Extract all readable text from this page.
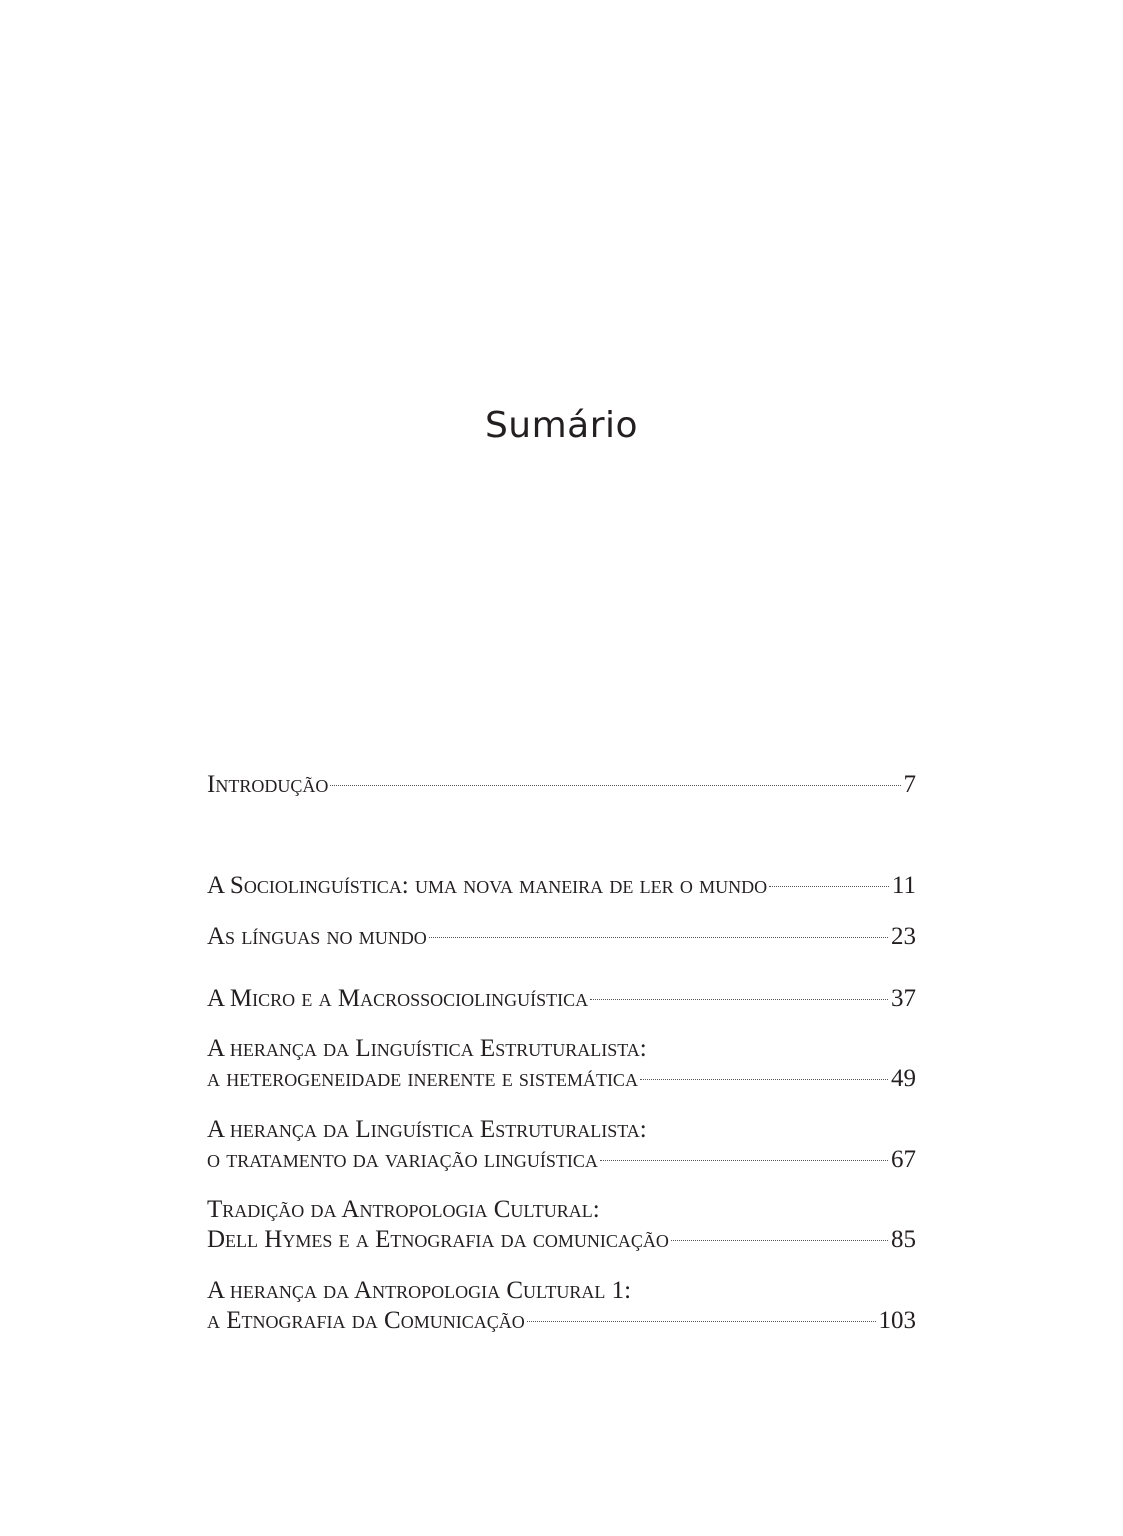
Sumário
Introdução	7
A Sociolinguística: uma nova maneira de ler o mundo	11
As línguas no mundo	23
A Micro e a Macrossociolinguística	37
A herança da Linguística Estruturalista:
a heterogeneidade inerente e sistemática	49
A herança da Linguística Estruturalista:
o tratamento da variação linguística	67
Tradição da Antropologia Cultural:
Dell Hymes e a Etnografia da comunicação	85
A herança da Antropologia Cultural 1:
a Etnografia da Comunicação	103
